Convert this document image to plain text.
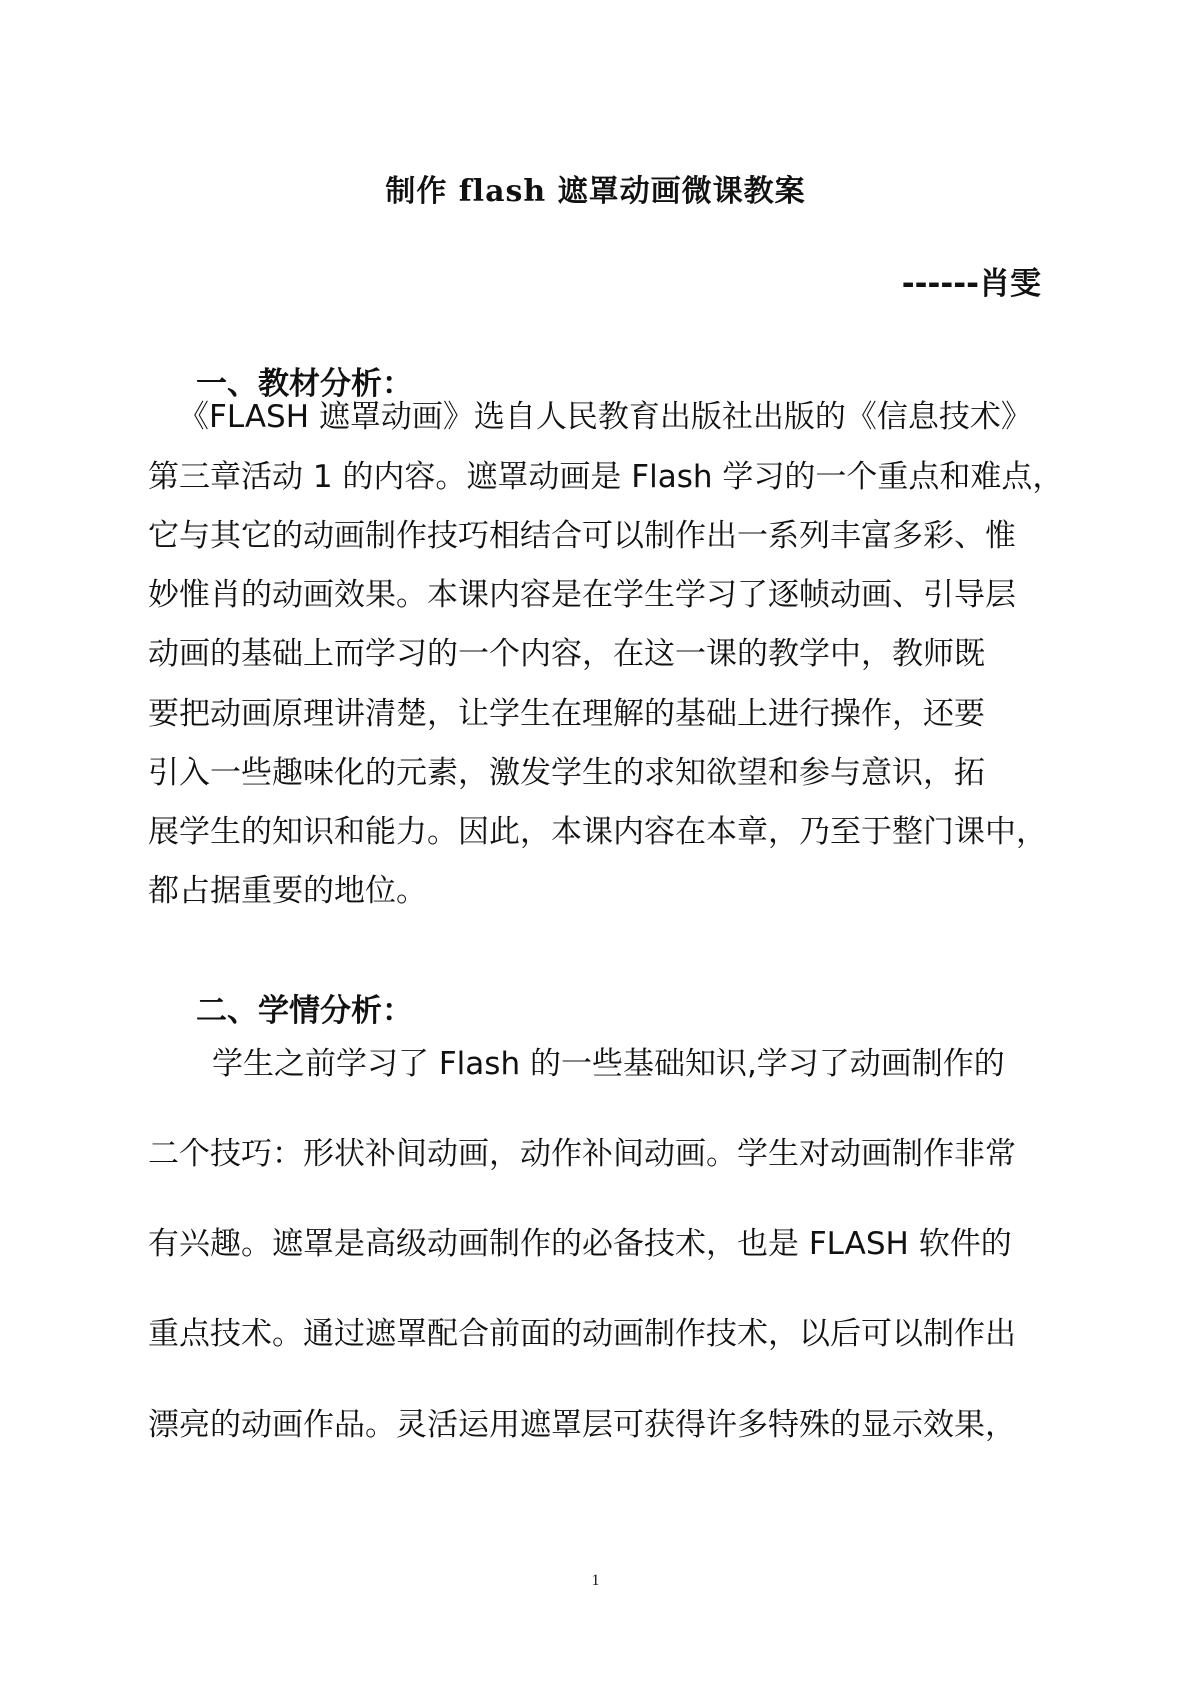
制作 flash 遮罩动画微课教案
------肖雯
一、教材分析：
《FLASH 遮罩动画》选自人民教育出版社出版的《信息技术》
第三章活动 1 的内容。遮罩动画是 Flash 学习的一个重点和难点，
它与其它的动画制作技巧相结合可以制作出一系列丰富多彩、惟
妙惟肖的动画效果。本课内容是在学生学习了逐帧动画、引导层
动画的基础上而学习的一个内容，在这一课的教学中，教师既
要把动画原理讲清楚，让学生在理解的基础上进行操作，还要
引入一些趣味化的元素，激发学生的求知欲望和参与意识，拓
展学生的知识和能力。因此，本课内容在本章，乃至于整门课中，
都占据重要的地位。
二、学情分析：
学生之前学习了 Flash 的一些基础知识,学习了动画制作的
二个技巧：形状补间动画，动作补间动画。学生对动画制作非常
有兴趣。遮罩是高级动画制作的必备技术，也是 FLASH 软件的
重点技术。通过遮罩配合前面的动画制作技术，以后可以制作出
漂亮的动画作品。灵活运用遮罩层可获得许多特殊的显示效果，
1
